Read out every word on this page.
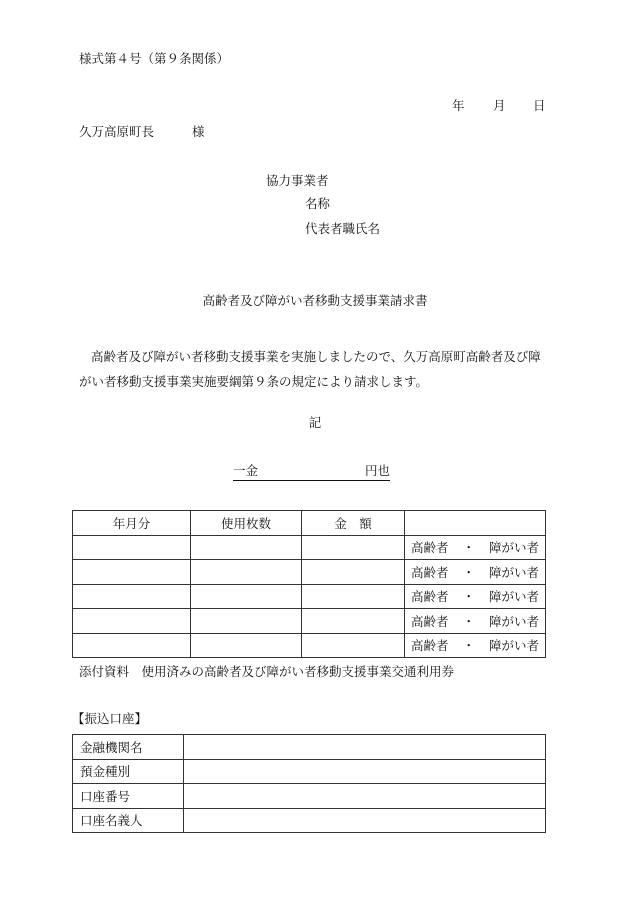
様式第４号（第９条関係）
年 月 日
久万高原町長	様
協力事業者
名称
代表者職氏名
高齢者及び障がい者移動支援事業請求書
高齢者及び障がい者移動支援事業を実施しましたので、久万高原町高齢者及び障がい者移動支援事業実施要綱第９条の規定により請求します。
記
一金	円也
年月分	使用枚数	金　額	
			高齢者 ・ 障がい者
			高齢者 ・ 障がい者
			高齢者 ・ 障がい者
			高齢者 ・ 障がい者
			高齢者 ・ 障がい者
添付資料　使用済みの高齢者及び障がい者移動支援事業交通利用券
【振込口座】
金融機関名	
預金種別	
口座番号	
口座名義人	
